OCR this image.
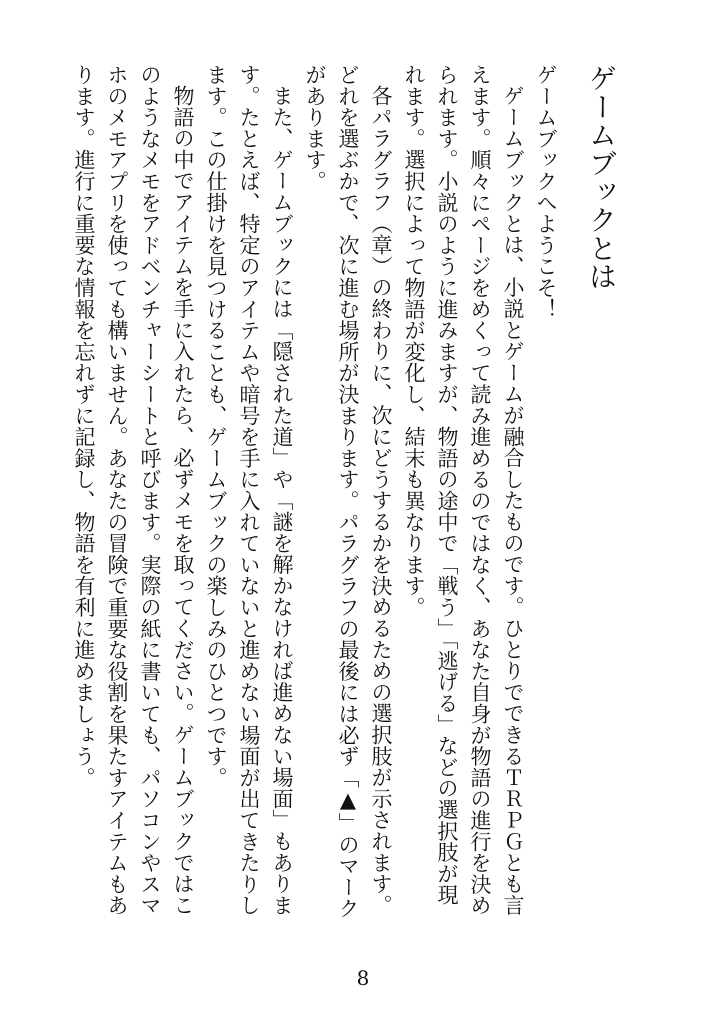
ゲームブックとは

ゲームブックへようこそ！

ゲームブックとは、小説とゲームが融合したものです。ひとりでできるＴＲＰＧとも言えます。順々にページをめくって読み進めるのではなく、あなた自身が物語の進行を決められます。小説のように進みますが、物語の途中で「戦う」「逃げる」などの選択肢が現れます。選択によって物語が変化し、結末も異なります。

各パラグラフ（章）の終わりに、次にどうするかを決めるための選択肢が示されます。どれを選ぶかで、次に進む場所が決まります。パラグラフの最後には必ず「▲」のマークがあります。

また、ゲームブックには「隠された道」や「謎を解かなければ進めない場面」もあります。たとえば、特定のアイテムや暗号を手に入れていないと進めない場面が出てきたりします。この仕掛けを見つけることも、ゲームブックの楽しみのひとつです。

物語の中でアイテムを手に入れたら、必ずメモを取ってください。ゲームブックではこのようなメモをアドベンチャーシートと呼びます。実際の紙に書いても、パソコンやスマホのメモアプリを使っても構いません。あなたの冒険で重要な役割を果たすアイテムもあります。進行に重要な情報を忘れずに記録し、物語を有利に進めましょう。

8
